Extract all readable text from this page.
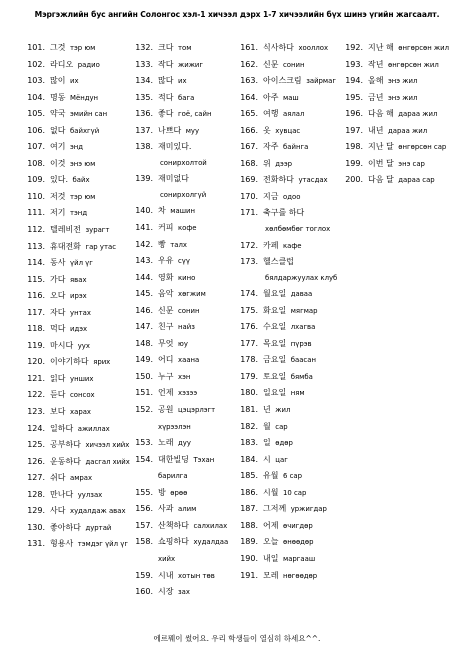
Мэргэжлийн бус ангийн Солонгос хэл-1 хичээл дэрх 1-7 хичээлийн бүх шинэ үгийн жагсаалт.
101. 그것 тэр юм
102. 라디오 радио
103. 많이 их
104. 명동 Мёндун
105. 약국 эмийн сан
106. 없다 байхгүй
107. 여기 энд
108. 이것 энэ юм
109. 있다. байх
110. 저것 тэр юм
111. 저기 тэнд
112. 텔레비전 зурагт
113. 휴대전화 гар утас
114. 동사 үйл үг
115. 가다 явах
116. 오다 ирэх
117. 자다 унтах
118. 먹다 идэх
119. 마시다 уух
120. 이야기하다 ярих
121. 읽다 унших
122. 듣다 сонсох
123. 보다 харах
124. 일하다 ажиллах
125. 공부하다 хичээл хийх
126. 운동하다 дасгал хийх
127. 쉬다 амрах
128. 만나다 уулзах
129. 사다 худалдаж авах
130. 좋아하다 дуртай
131. 형용사 тэмдэг үйл үг
132. 크다 том
133. 작다 жижиг
134. 많다 их
135. 적다 бага
136. 좋다 гоё, сайн
137. 나쁘다 муу
138. 재미있다. сонирхолтой
139. 재미없다 сонирхолгүй
140. 차 машин
141. 커피 кофе
142. 빵 талх
143. 우유 сүү
144. 영화 кино
145. 음악 хөгжим
146. 신문 сонин
147. 친구 найз
148. 무엇 юу
149. 어디 хаана
150. 누구 хэн
151. 언제 хэзээ
152. 공원 цэцэрлэгт хүрээлэн
153. 노래 дуу
154. 대한빌딩 Тэхан барилга
155. 방 өрөө
156. 사과 алим
157. 산책하다 салхилах
158. 쇼핑하다 худалдаа хийх
159. 시내 хотын төв
160. 시장 зах
161. 식사하다 хооллох
162. 신문 сонин
163. 아이스크림 зайрмаг
164. 아주 маш
165. 여행 аялал
166. 옷 хувцас
167. 자주 байнга
168. 위 дээр
169. 전화하다 утасдах
170. 지금 одоо
171. 축구를 하다 хөлбөмбөг тоглох
172. 카페 кафе
173. 헬스클럽 бялдаржуулах клуб
174. 월요일 даваа
175. 화요일 мягмар
176. 수요일 лхагва
177. 목요일 пүрэв
178. 금요일 баасан
179. 토요일 бямба
180. 일요일 ням
181. 년 жил
182. 월 сар
183. 일 өдөр
184. 시 цаг
185. 유월 6 сар
186. 시월 10 сар
187. 그저께 уржигдар
188. 어제 өчигдөр
189. 오늘 өнөөдөр
190. 내일 маргааш
191. 모레 нөгөөдөр
192. 지난 해 өнгөрсөн жил
193. 작년 өнгөрсөн жил
194. 올해 энэ жил
195. 금년 энэ жил
196. 다음 해 дараа жил
197. 내년 дараа жил
198. 지난 달 өнгөрсөн сар
199. 이번 달 энэ сар
200. 다음 달 дараа сар
에르뭬이 썼어요. 우리 학생들이 열심히 하세요^^.
